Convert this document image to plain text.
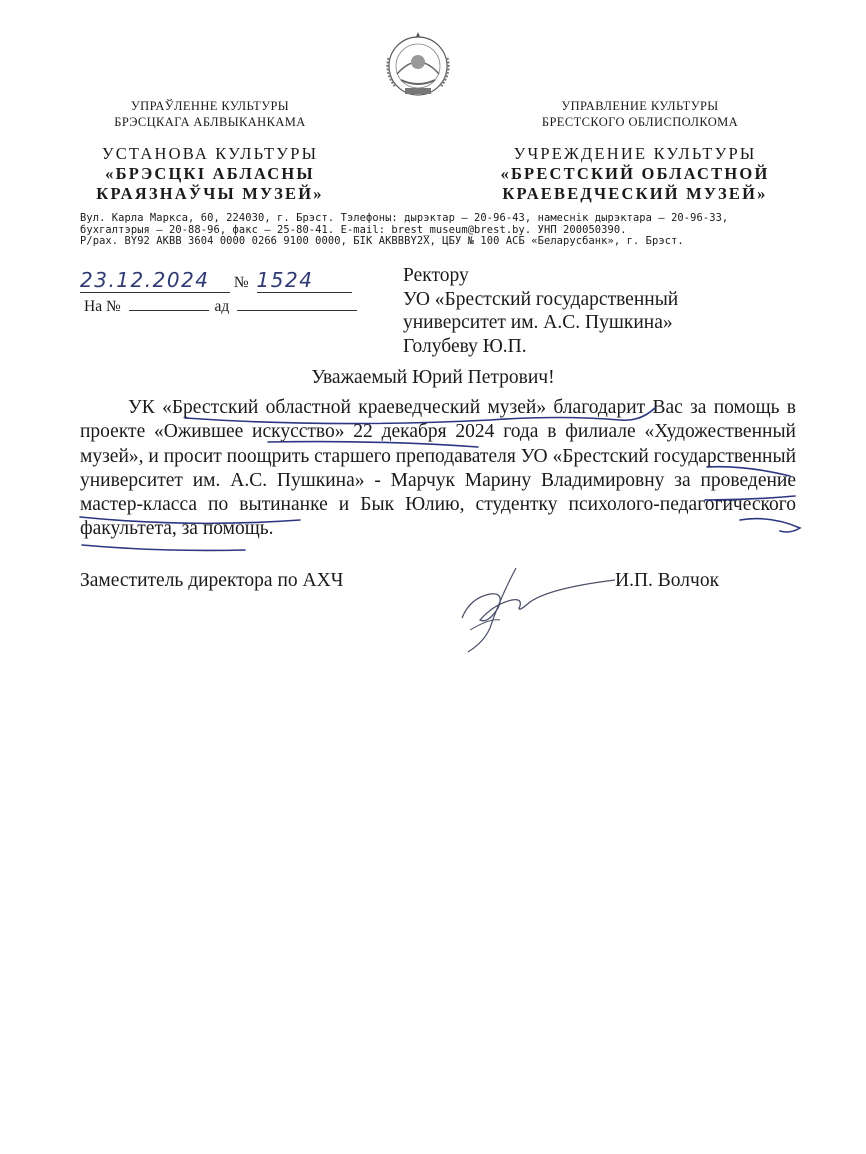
УПРАЎЛЕННЕ КУЛЬТУРЫ
БРЭСЦКАГА АБЛВЫКАНКАМА
УПРАВЛЕНИЕ КУЛЬТУРЫ
БРЕСТСКОГО ОБЛИСПОЛКОМА
УСТАНОВА КУЛЬТУРЫ
«БРЭСЦКІ АБЛАСНЫ
КРАЯЗНАЎЧЫ МУЗЕЙ»
УЧРЕЖДЕНИЕ КУЛЬТУРЫ
«БРЕСТСКИЙ ОБЛАСТНОЙ
КРАЕВЕДЧЕСКИЙ МУЗЕЙ»
Вул. Карла Маркса, 60, 224030, г. Брэст. Тэлефоны: дырэктар – 20-96-43, намеснік дырэктара – 20-96-33,
бухгалтэрыя – 20-88-96, факс – 25-80-41. E-mail: brest_museum@brest.by. УНП 200050390.
Р/рах. BY92 AKBB 3604 0000 0266 9100 0000, БІК AKBBBY2X, ЦБУ № 100 АСБ «Беларусбанк», г. Брэст.
23.12.2024 № 1524
На №	ад
Ректору
УО «Брестский государственный
университет им. А.С. Пушкина»
Голубеву Ю.П.
Уважаемый Юрий Петрович!

УК «Брестский областной краеведческий музей» благодарит Вас за помощь в проекте «Ожившее искусство» 22 декабря 2024 года в филиале «Художественный музей», и просит поощрить старшего преподавателя УО «Брестский государственный университет им. А.С. Пушкина» - Марчук Марину Владимировну за проведение мастер-класса по вытинанке и Бык Юлию, студентку психолого-педагогического факультета, за помощь.

Заместитель директора по АХЧ	И.П. Волчок
